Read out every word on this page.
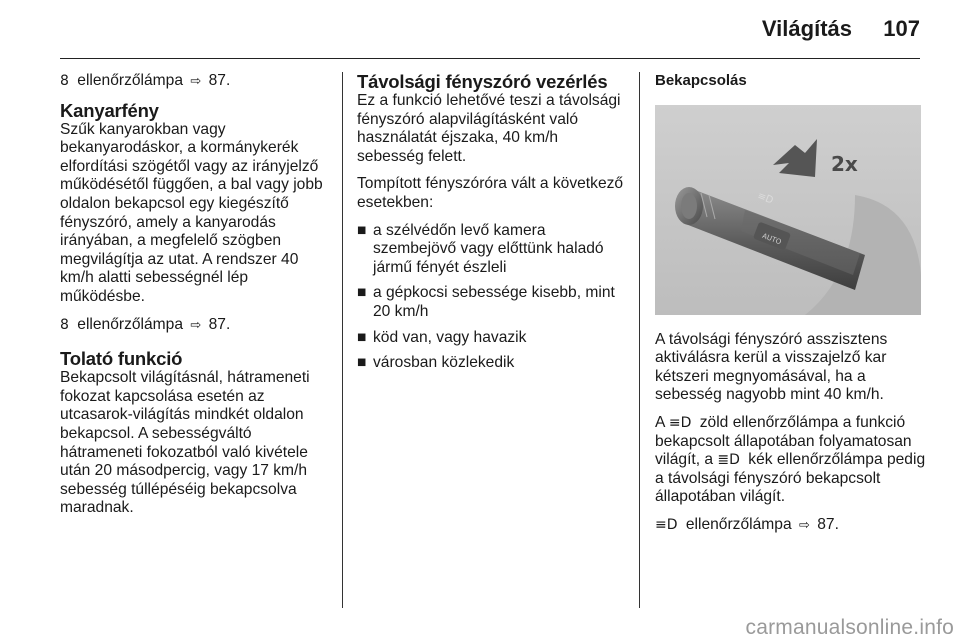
Világítás 107

8 ellenőrzőlámpa ⇨ 87.

Kanyarfény

Szűk kanyarokban vagy bekanyarodáskor, a kormánykerék elfordítási szögétől vagy az irányjelző működésétől függően, a bal vagy jobb oldalon bekapcsol egy kiegészítő fényszóró, amely a kanyarodás irányában, a megfelelő szögben megvilágítja az utat. A rendszer 40 km/h alatti sebességnél lép működésbe.

8 ellenőrzőlámpa ⇨ 87.

Tolató funkció

Bekapcsolt világításnál, hátrameneti fokozat kapcsolása esetén az utcasarok-világítás mindkét oldalon bekapcsol. A sebességváltó hátrameneti fokozatból való kivétele után 20 másodpercig, vagy 17 km/h sebesség túllépéséig bekapcsolva maradnak.

Távolsági fényszóró vezérlés

Ez a funkció lehetővé teszi a távolsági fényszóró alapvilágításként való használatát éjszaka, 40 km/h sebesség felett.

Tompított fényszóróra vált a következő esetekben:

■ a szélvédőn levő kamera szembejövő vagy előttünk haladó jármű fényét észleli
■ a gépkocsi sebessége kisebb, mint 20 km/h
■ köd van, vagy havazik
■ városban közlekedik
Bekapcsolás
AUTO
≡D
2x

A távolsági fényszóró asszisztens aktiválásra kerül a visszajelző kar kétszeri megnyomásával, ha a sebesség nagyobb mint 40 km/h.

A ≡D zöld ellenőrzőlámpa a funkció bekapcsolt állapotában folyamatosan világít, a ≣D kék ellenőrzőlámpa pedig a távolsági fényszóró bekapcsolt állapotában világít.

≡D ellenőrzőlámpa ⇨ 87.

carmanualsonline.info
